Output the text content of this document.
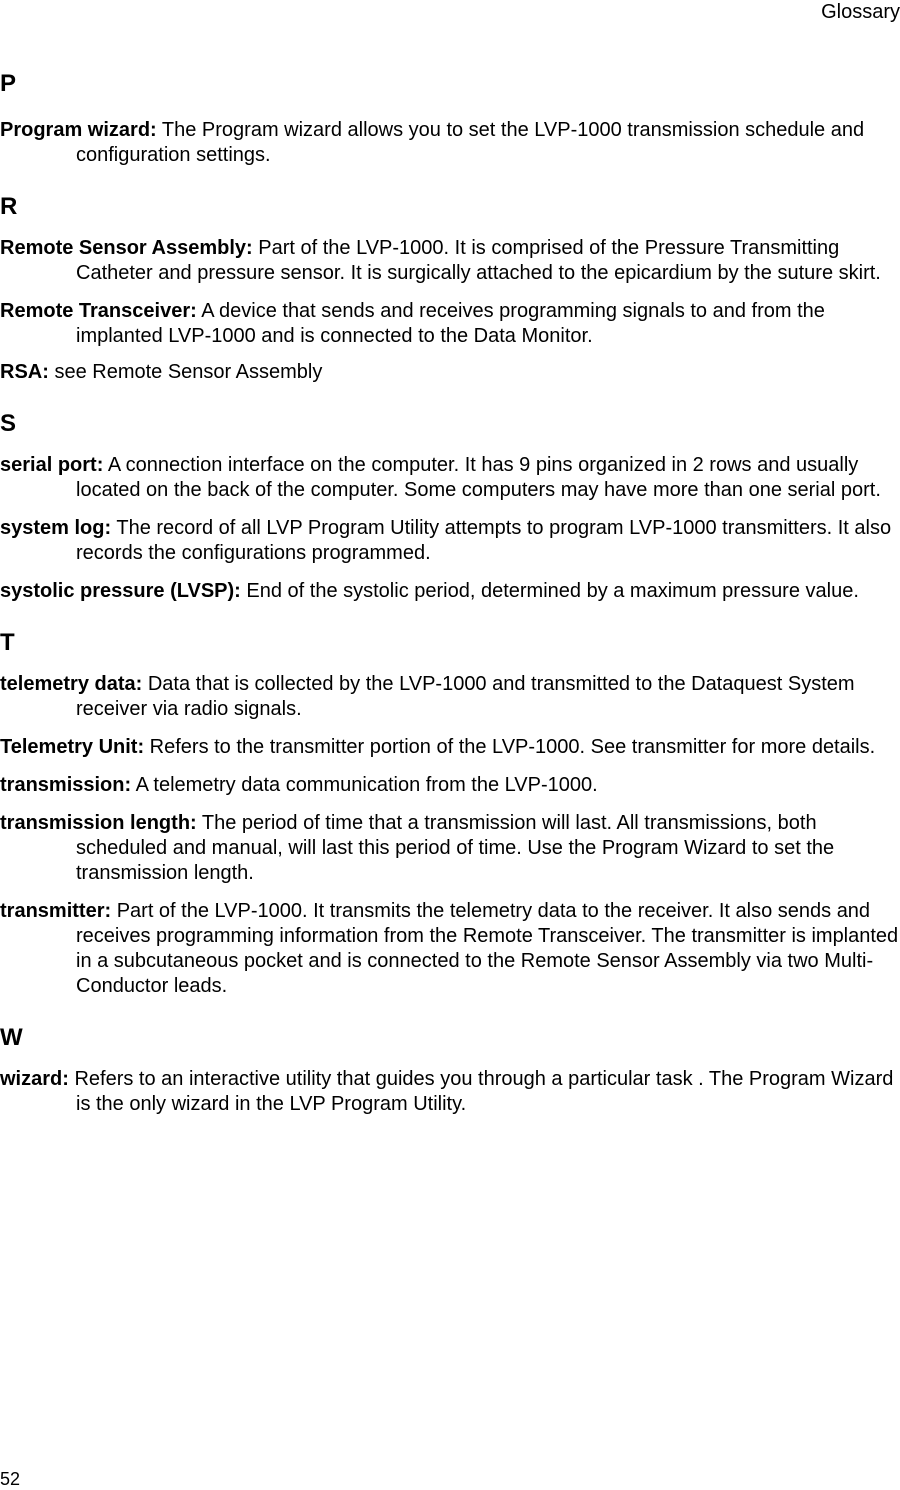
Glossary
P

Program wizard: The Program wizard allows you to set the LVP-1000 transmission schedule and configuration settings.

R

Remote Sensor Assembly: Part of the LVP-1000. It is comprised of the Pressure Transmitting Catheter and pressure sensor. It is surgically attached to the epicardium by the suture skirt.

Remote Transceiver: A device that sends and receives programming signals to and from the implanted LVP-1000 and is connected to the Data Monitor.

RSA: see Remote Sensor Assembly

S

serial port: A connection interface on the computer. It has 9 pins organized in 2 rows and usually located on the back of the computer. Some computers may have more than one serial port.

system log: The record of all LVP Program Utility attempts to program LVP-1000 transmitters. It also records the configurations programmed.

systolic pressure (LVSP): End of the systolic period, determined by a maximum pressure value.

T

telemetry data: Data that is collected by the LVP-1000 and transmitted to the Dataquest System receiver via radio signals.

Telemetry Unit: Refers to the transmitter portion of the LVP-1000. See transmitter for more details.

transmission: A telemetry data communication from the LVP-1000.

transmission length: The period of time that a transmission will last. All transmissions, both scheduled and manual, will last this period of time. Use the Program Wizard to set the transmission length.

transmitter: Part of the LVP-1000. It transmits the telemetry data to the receiver. It also sends and receives programming information from the Remote Transceiver. The transmitter is implanted in a subcutaneous pocket and is connected to the Remote Sensor Assembly via two Multi-Conductor leads.

W

wizard: Refers to an interactive utility that guides you through a particular task . The Program Wizard is the only wizard in the LVP Program Utility.

52
